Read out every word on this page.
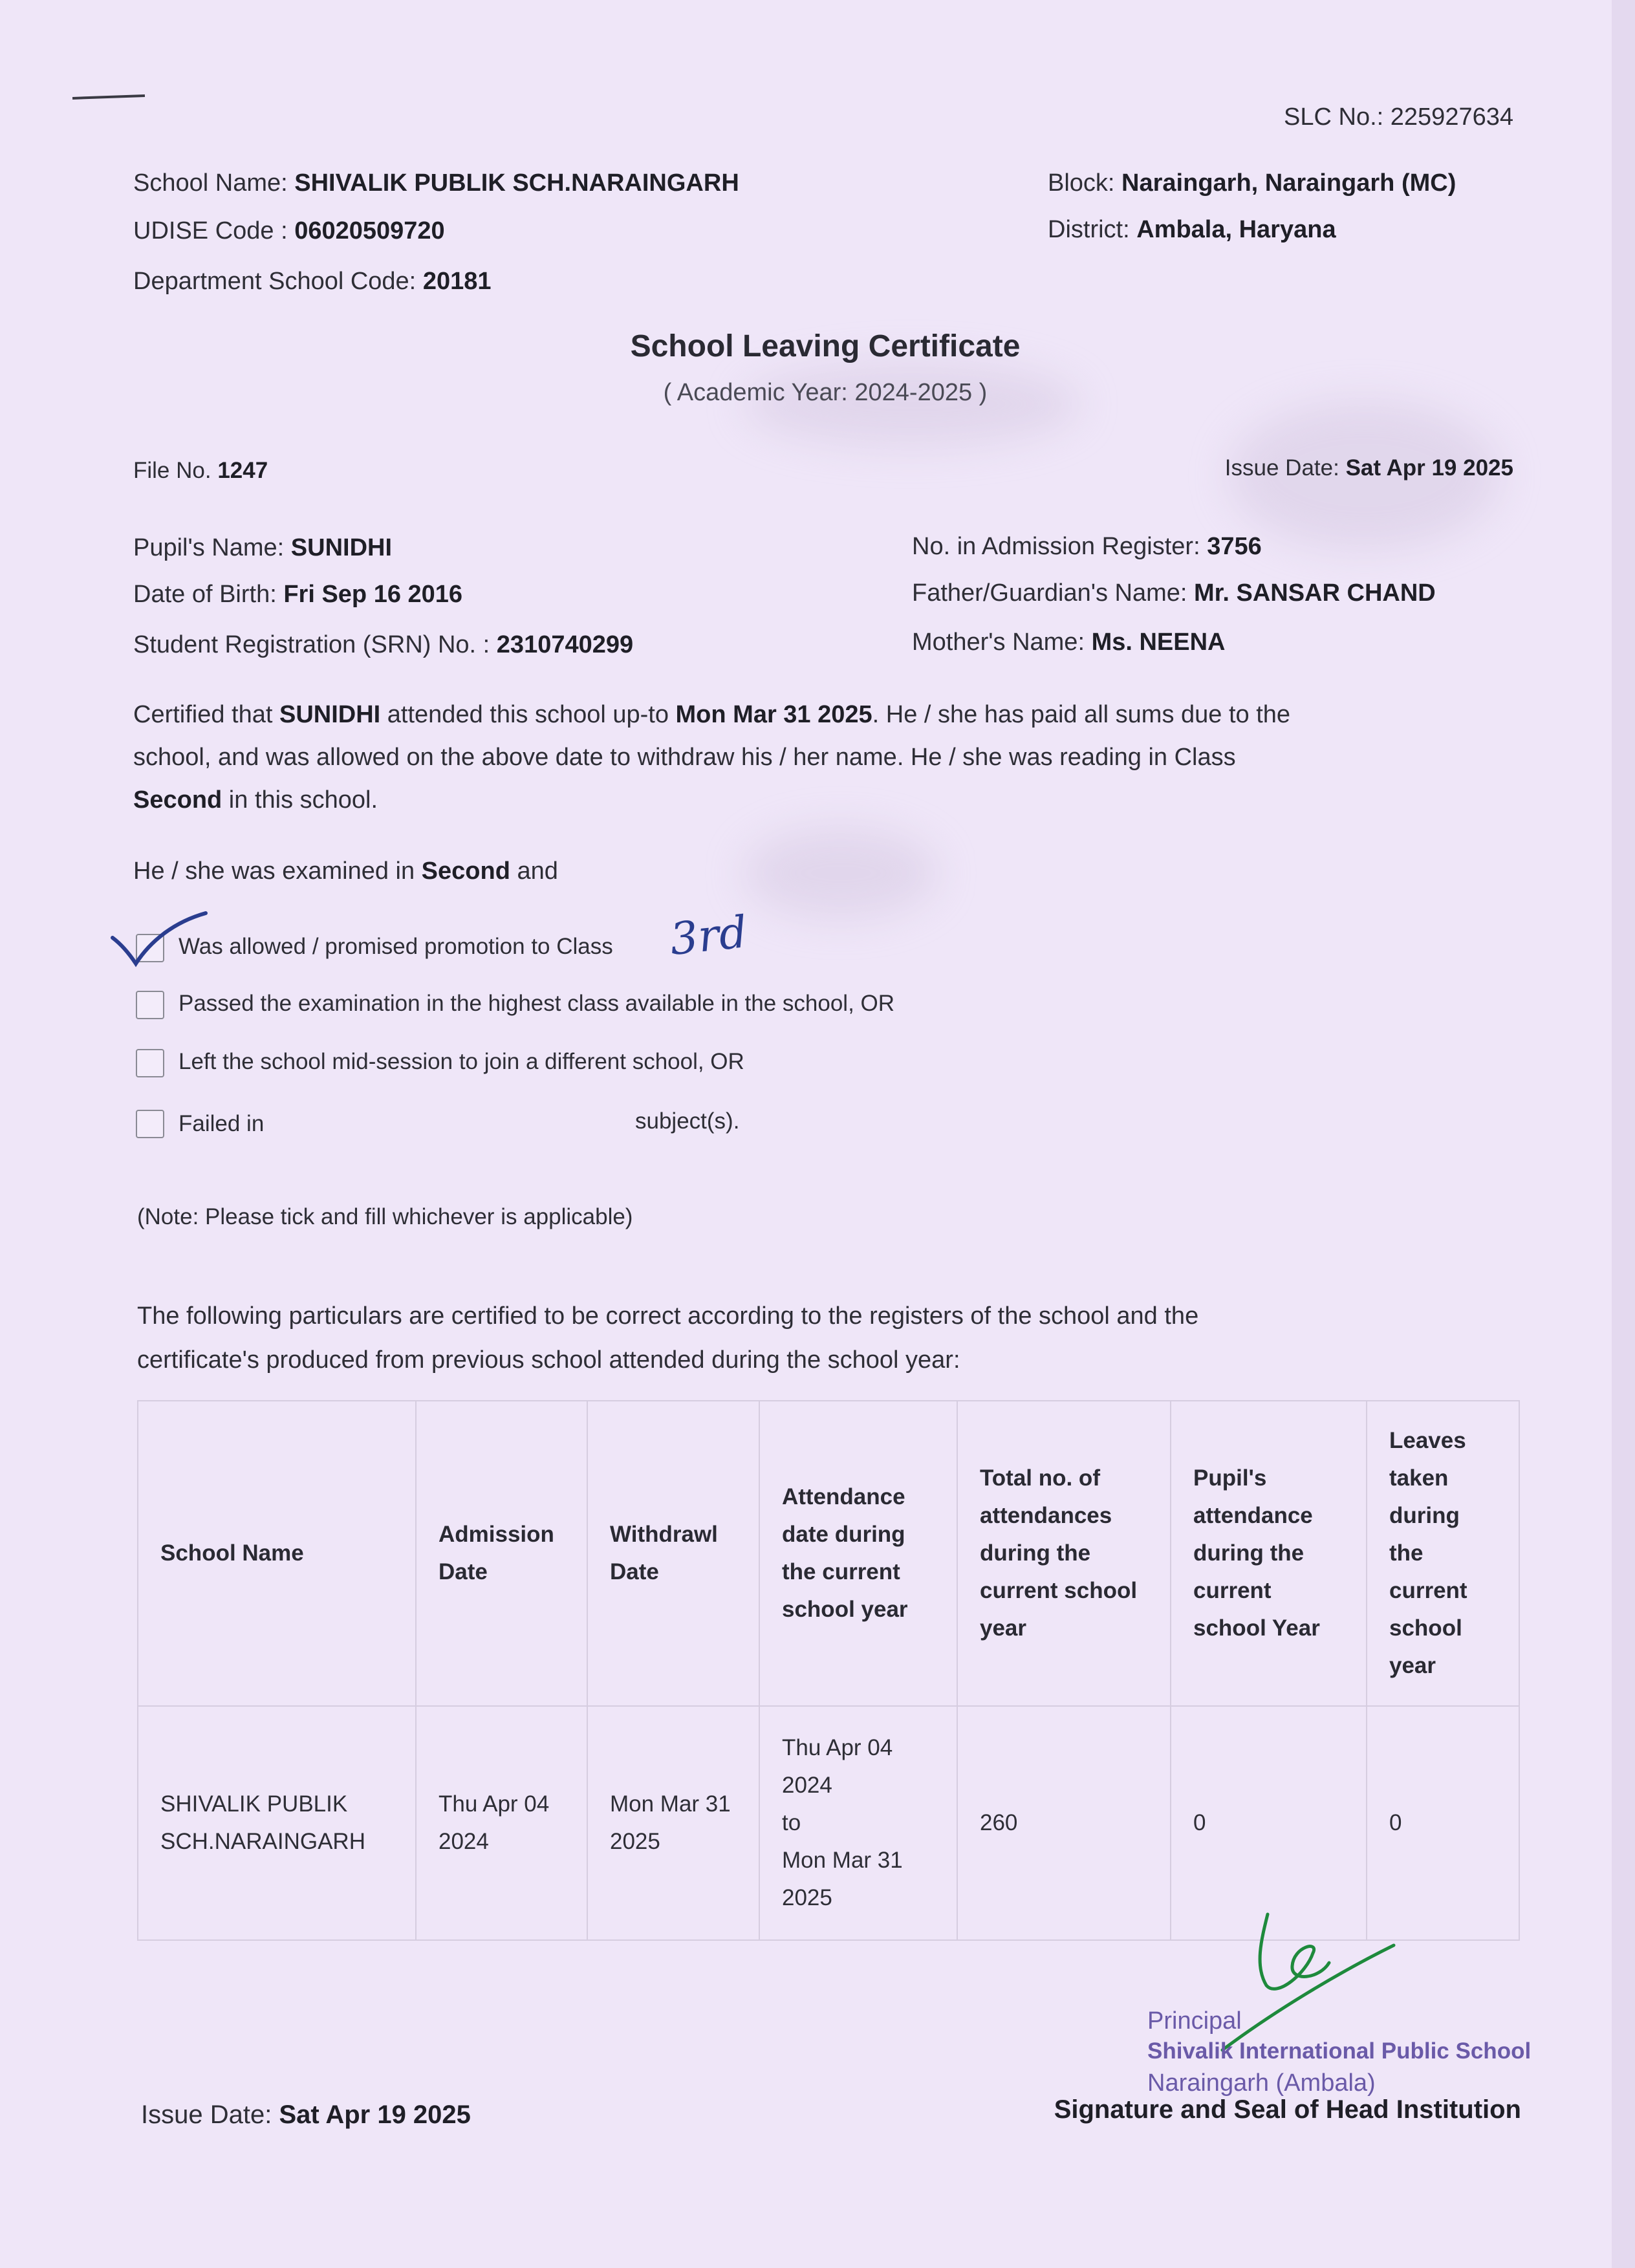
SLC No.: 225927634
School Name: SHIVALIK PUBLIK SCH.NARAINGARH
UDISE Code : 06020509720
Department School Code: 20181
Block: Naraingarh, Naraingarh (MC)
District: Ambala, Haryana
School Leaving Certificate
( Academic Year: 2024-2025 )
File No. 1247	Issue Date: Sat Apr 19 2025
Pupil's Name: SUNIDHI
Date of Birth: Fri Sep 16 2016
Student Registration (SRN) No. : 2310740299
No. in Admission Register: 3756
Father/Guardian's Name: Mr. SANSAR CHAND
Mother's Name: Ms. NEENA
Certified that SUNIDHI attended this school up-to Mon Mar 31 2025. He / she has paid all sums due to the
school, and was allowed on the above date to withdraw his / her name. He / she was reading in Class
Second in this school.
He / she was examined in Second and
Was allowed / promised promotion to Class 3rd
Passed the examination in the highest class available in the school, OR
Left the school mid-session to join a different school, OR
Failed in	subject(s).
(Note: Please tick and fill whichever is applicable)
The following particulars are certified to be correct according to the registers of the school and the
certificate's produced from previous school attended during the school year:
School Name	Admission Date	Withdrawl Date	Attendance date during the current school year	Total no. of attendances during the current school year	Pupil's attendance during the current school Year	Leaves taken during the current school year
SHIVALIK PUBLIK SCH.NARAINGARH	Thu Apr 04 2024	Mon Mar 31 2025	Thu Apr 04 2024
to
Mon Mar 31 2025	260	0	0
Principal
Shivalik International Public School
Naraingarh (Ambala)
Issue Date: Sat Apr 19 2025	Signature and Seal of Head Institution
